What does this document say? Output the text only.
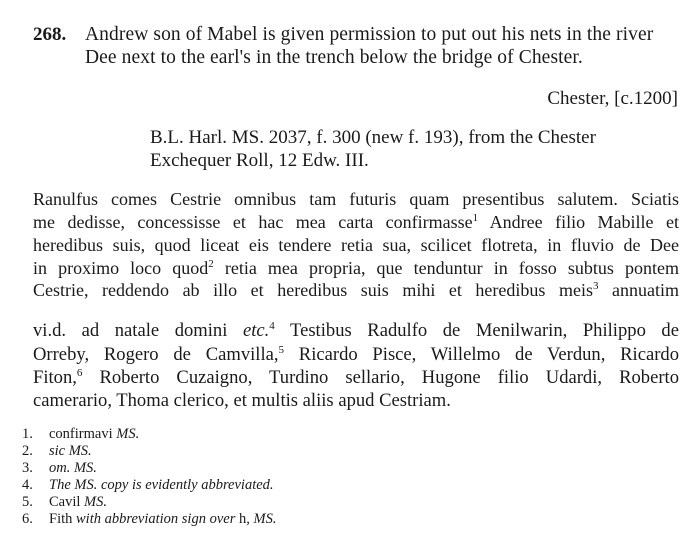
268. Andrew son of Mabel is given permission to put out his nets in the river
Dee next to the earl's in the trench below the bridge of Chester.
Chester, [c.1200]
B.L. Harl. MS. 2037, f. 300 (new f. 193), from the Chester
Exchequer Roll, 12 Edw. III.
Ranulfus comes Cestrie omnibus tam futuris quam presentibus salutem. Sciatis
me dedisse, concessisse et hac mea carta confirmasse$^1$ Andree filio Mabille et
heredibus suis, quod liceat eis tendere retia sua, scilicet flotreta, in fluvio de Dee
in proximo loco quod$^2$ retia mea propria, que tenduntur in fosso subtus pontem
Cestrie, reddendo ab illo et heredibus suis mihi et heredibus meis$^3$ annuatim
vi.d. ad natale domini etc.$^4$ Testibus Radulfo de Menilwarin, Philippo de
Orreby, Rogero de Camvilla,$^5$ Ricardo Pisce, Willelmo de Verdun, Ricardo
Fiton,$^6$ Roberto Cuzaigno, Turdino sellario, Hugone filio Udardi, Roberto
camerario, Thoma clerico, et multis aliis apud Cestriam.
1. confirmavi MS.
2. sic MS.
3. om. MS.
4. The MS. copy is evidently abbreviated.
5. Cavil MS.
6. Fith with abbreviation sign over h, MS.
